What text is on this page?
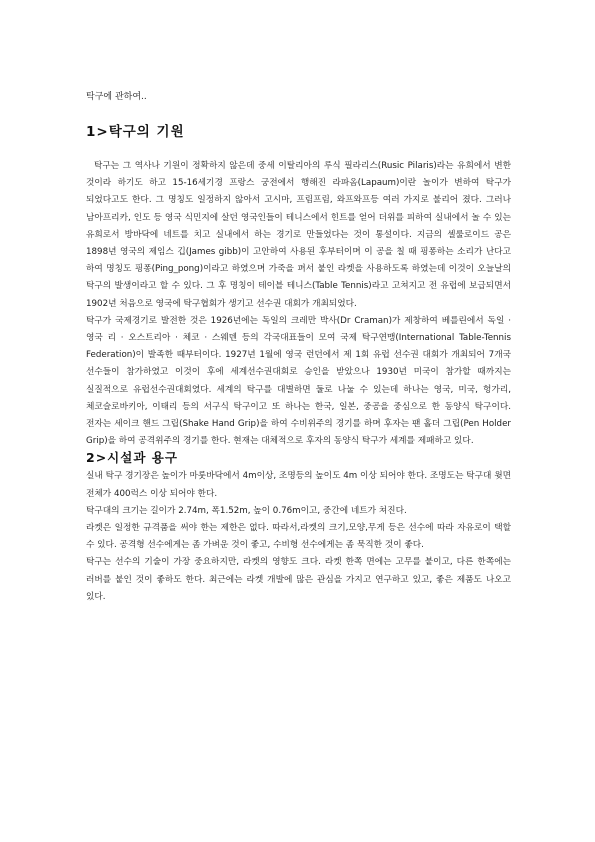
탁구에 관하여..

1>탁구의 기원

탁구는 그 역사나 기원이 정확하지 않은데 중세 이탈리아의 루식 필라리스(Rusic Pilaris)라는 유희에서 변한 것이라 하기도 하고 15-16세기경 프랑스 궁전에서 행해진 라파옴(Lapaum)이란 놀이가 변하여 탁구가 되었다고도 한다. 그 명칭도 일정하지 않아서 고시마, 프림프림, 와프와프등 여러 가지로 불리어 졌다. 그러나 남아프리카, 인도 등 영국 식민지에 살던 영국인들이 테니스에서 힌트를 얻어 더위를 피하여 실내에서 놀 수 있는 유희로서 방바닥에 네트를 치고 실내에서 하는 경기로 만들었다는 것이 통설이다. 지금의 셀룰로이드 공은 1898년 영국의 제임스 깁(James gibb)이 고안하여 사용된 후부터이며 이 공을 칠 때 핑퐁하는 소리가 난다고 하여 명칭도 핑퐁(Ping_pong)이라고 하였으며 가죽을 펴서 붙인 라켓을 사용하도록 하였는데 이것이 오늘날의 탁구의 발생이라고 할 수 있다. 그 후 명칭이 테이블 테니스(Table Tennis)라고 고쳐지고 전 유럽에 보급되면서 1902년 처음으로 영국에 탁구협회가 생기고 선수권 대회가 개최되었다.

탁구가 국제경기로 발전한 것은 1926년에는 독일의 크레만 박사(Dr Craman)가 제창하여 베를린에서 독일 · 영국 리 · 오스트리아 · 체코 · 스웨덴 등의 각국대표들이 모여 국제 탁구연맹(International Table-Tennis Federation)이 발족한 때부터이다. 1927년 1월에 영국 런던에서 제 1회 유럽 선수권 대회가 개최되어 7개국 선수들이 참가하였고 이것이 후에 세계선수권대회로 승인을 받았으나 1930년 미국이 참가할 때까지는 실질적으로 유럽선수권대회였다. 세계의 탁구를 대별하면 둘로 나눌 수 있는데 하나는 영국, 미국, 헝가리, 체코슬로바키아, 이태리 등의 서구식 탁구이고 또 하나는 한국, 일본, 중공을 중심으로 한 동양식 탁구이다. 전자는 세이크 핸드 그립(Shake Hand Grip)을 하여 수비위주의 경기를 하며 후자는 팬 홀더 그립(Pen Holder Grip)을 하여 공격위주의 경기를 한다. 현재는 대체적으로 후자의 동양식 탁구가 세계를 제패하고 있다.

2>시설과 용구

실내 탁구 경기장은 높이가 마룻바닥에서 4m이상, 조명등의 높이도 4m 이상 되어야 한다. 조명도는 탁구대 윗면 전체가 400럭스 이상 되어야 한다.

탁구대의 크기는 길이가 2.74m, 폭1.52m, 높이 0.76m이고, 중간에 네트가 쳐진다.

라켓은 일정한 규격품을 써야 한는 제한은 없다. 따라서,라켓의 크기,모양,무게 등은 선수에 따라 자유로이 택할 수 있다. 공격형 선수에게는 좀 가벼운 것이 좋고, 수비형 선수에게는 좀 묵직한 것이 좋다.

탁구는 선수의 기술이 가장 중요하지만, 라켓의 영향도 크다. 라켓 한쪽 면에는 고무를 붙이고, 다른 한쪽에는 러버를 붙인 것이 좋하도 한다. 최근에는 라켓 개발에 많은 관심을 가지고 연구하고 있고, 좋은 제품도 나오고 있다.
